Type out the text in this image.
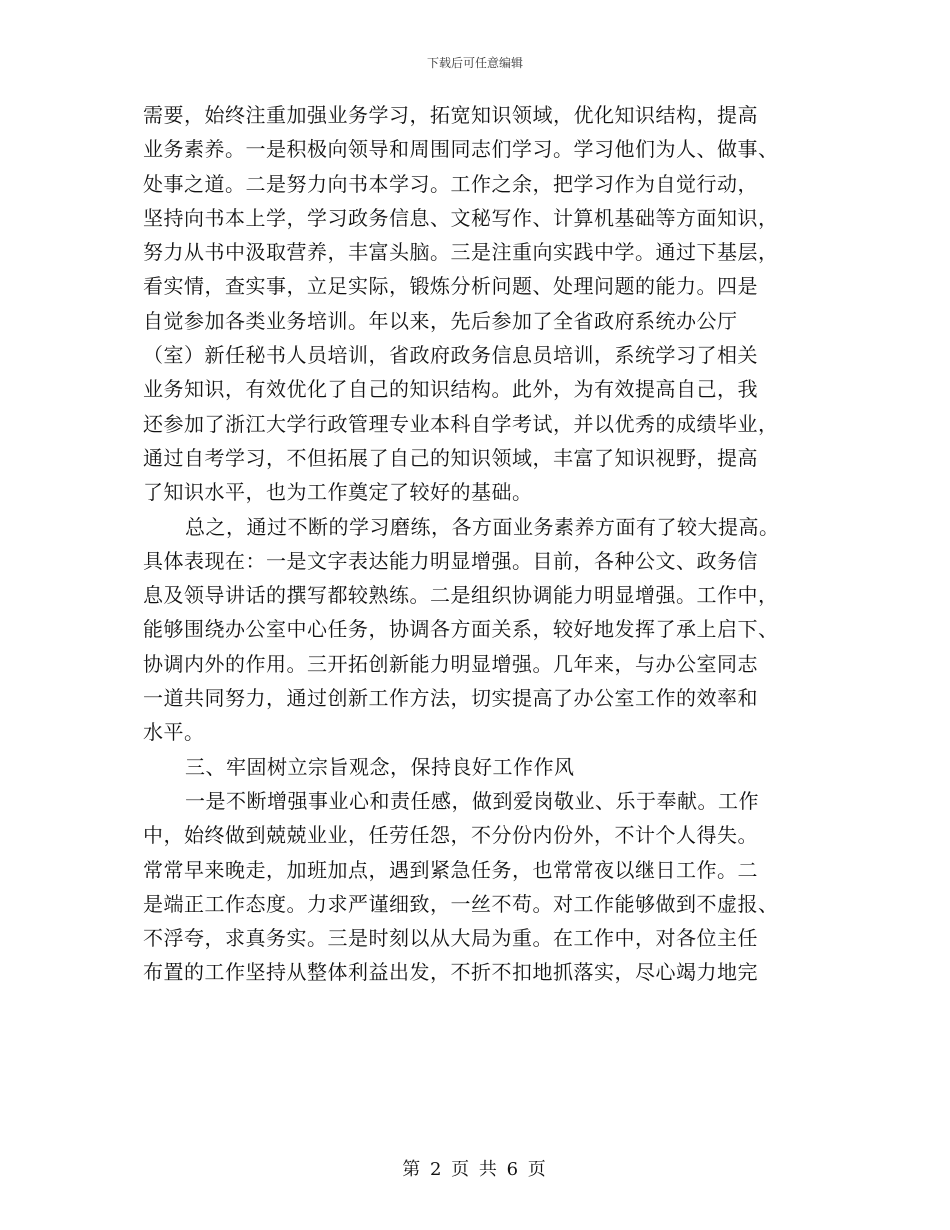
下载后可任意编辑
需要，始终注重加强业务学习，拓宽知识领域，优化知识结构，提高
业务素养。一是积极向领导和周围同志们学习。学习他们为人、做事、
处事之道。二是努力向书本学习。工作之余，把学习作为自觉行动，
坚持向书本上学，学习政务信息、文秘写作、计算机基础等方面知识，
努力从书中汲取营养，丰富头脑。三是注重向实践中学。通过下基层，
看实情，查实事，立足实际，锻炼分析问题、处理问题的能力。四是
自觉参加各类业务培训。年以来，先后参加了全省政府系统办公厅
（室）新任秘书人员培训，省政府政务信息员培训，系统学习了相关
业务知识，有效优化了自己的知识结构。此外，为有效提高自己，我
还参加了浙江大学行政管理专业本科自学考试，并以优秀的成绩毕业，
通过自考学习，不但拓展了自己的知识领域，丰富了知识视野，提高
了知识水平，也为工作奠定了较好的基础。
总之，通过不断的学习磨练，各方面业务素养方面有了较大提高。
具体表现在：一是文字表达能力明显增强。目前，各种公文、政务信
息及领导讲话的撰写都较熟练。二是组织协调能力明显增强。工作中，
能够围绕办公室中心任务，协调各方面关系，较好地发挥了承上启下、
协调内外的作用。三开拓创新能力明显增强。几年来，与办公室同志
一道共同努力，通过创新工作方法，切实提高了办公室工作的效率和
水平。
三、牢固树立宗旨观念，保持良好工作作风
一是不断增强事业心和责任感，做到爱岗敬业、乐于奉献。工作
中，始终做到兢兢业业，任劳任怨，不分份内份外，不计个人得失。
常常早来晚走，加班加点，遇到紧急任务，也常常夜以继日工作。二
是端正工作态度。力求严谨细致，一丝不苟。对工作能够做到不虚报、
不浮夸，求真务实。三是时刻以从大局为重。在工作中，对各位主任
布置的工作坚持从整体利益出发，不折不扣地抓落实，尽心竭力地完
第 2 页 共 6 页
